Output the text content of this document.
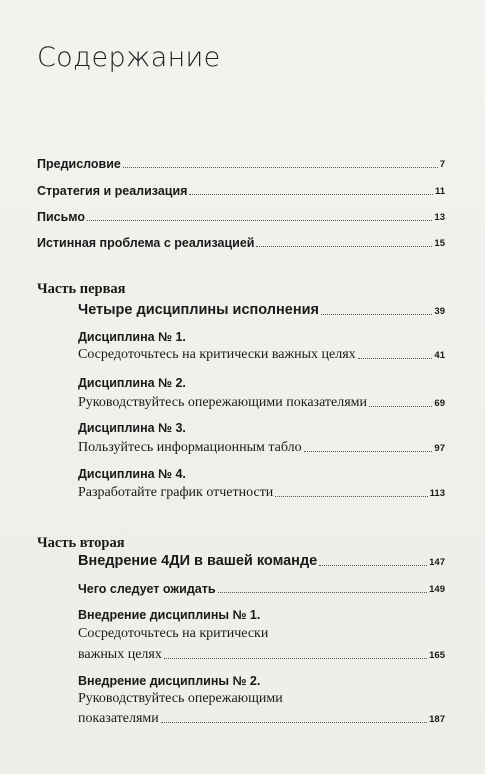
Содержание
Предисловие	7
Стратегия и реализация	11
Письмо	13
Истинная проблема с реализацией	15
Часть первая
Четыре дисциплины исполнения	39
Дисциплина № 1.
Сосредоточьтесь на критически важных целях	41
Дисциплина № 2.
Руководствуйтесь опережающими показателями	69
Дисциплина № 3.
Пользуйтесь информационным табло	97
Дисциплина № 4.
Разработайте график отчетности	113
Часть вторая
Внедрение 4ДИ в вашей команде	147
Чего следует ожидать	149
Внедрение дисциплины № 1.
Сосредоточьтесь на критически
важных целях	165
Внедрение дисциплины № 2.
Руководствуйтесь опережающими
показателями	187
